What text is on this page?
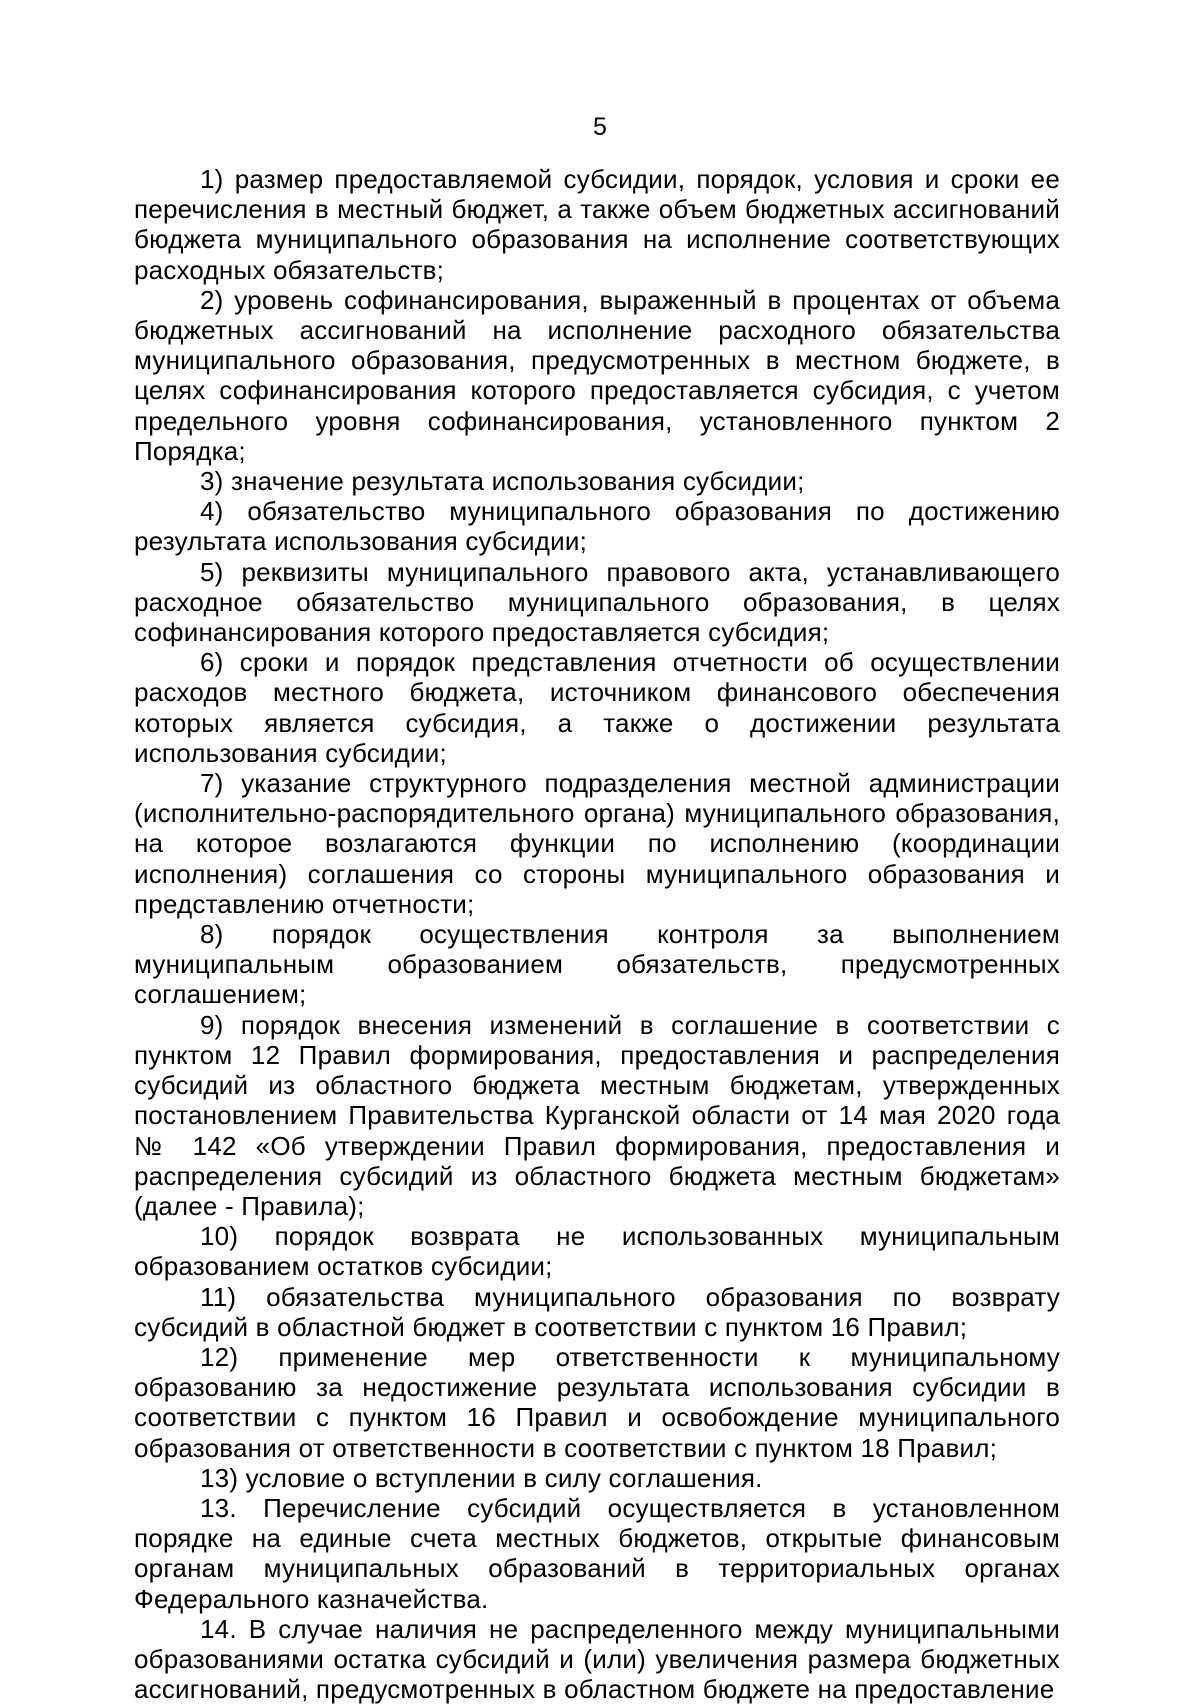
5

1) размер предоставляемой субсидии, порядок, условия и сроки ее перечисления в местный бюджет, а также объем бюджетных ассигнований бюджета муниципального образования на исполнение соответствующих расходных обязательств;

2) уровень софинансирования, выраженный в процентах от объема бюджетных ассигнований на исполнение расходного обязательства муниципального образования, предусмотренных в местном бюджете, в целях софинансирования которого предоставляется субсидия, с учетом предельного уровня софинансирования, установленного пунктом 2 Порядка;

3) значение результата использования субсидии;

4) обязательство муниципального образования по достижению результата использования субсидии;

5) реквизиты муниципального правового акта, устанавливающего расходное обязательство муниципального образования, в целях софинансирования которого предоставляется субсидия;

6) сроки и порядок представления отчетности об осуществлении расходов местного бюджета, источником финансового обеспечения которых является субсидия, а также о достижении результата использования субсидии;

7) указание структурного подразделения местной администрации (исполнительно-распорядительного органа) муниципального образования, на которое возлагаются функции по исполнению (координации исполнения) соглашения со стороны муниципального образования и представлению отчетности;

8) порядок осуществления контроля за выполнением муниципальным образованием обязательств, предусмотренных соглашением;

9) порядок внесения изменений в соглашение в соответствии с пунктом 12 Правил формирования, предоставления и распределения субсидий из областного бюджета местным бюджетам, утвержденных постановлением Правительства Курганской области от 14 мая 2020 года № 142 «Об утверждении Правил формирования, предоставления и распределения субсидий из областного бюджета местным бюджетам» (далее - Правила);

10) порядок возврата не использованных муниципальным образованием остатков субсидии;

11) обязательства муниципального образования по возврату субсидий в областной бюджет в соответствии с пунктом 16 Правил;

12) применение мер ответственности к муниципальному образованию за недостижение результата использования субсидии в соответствии с пунктом 16 Правил и освобождение муниципального образования от ответственности в соответствии с пунктом 18 Правил;

13) условие о вступлении в силу соглашения.

13. Перечисление субсидий осуществляется в установленном порядке на единые счета местных бюджетов, открытые финансовым органам муниципальных образований в территориальных органах Федерального казначейства.

14. В случае наличия не распределенного между муниципальными образованиями остатка субсидий и (или) увеличения размера бюджетных ассигнований, предусмотренных в областном бюджете на предоставление
